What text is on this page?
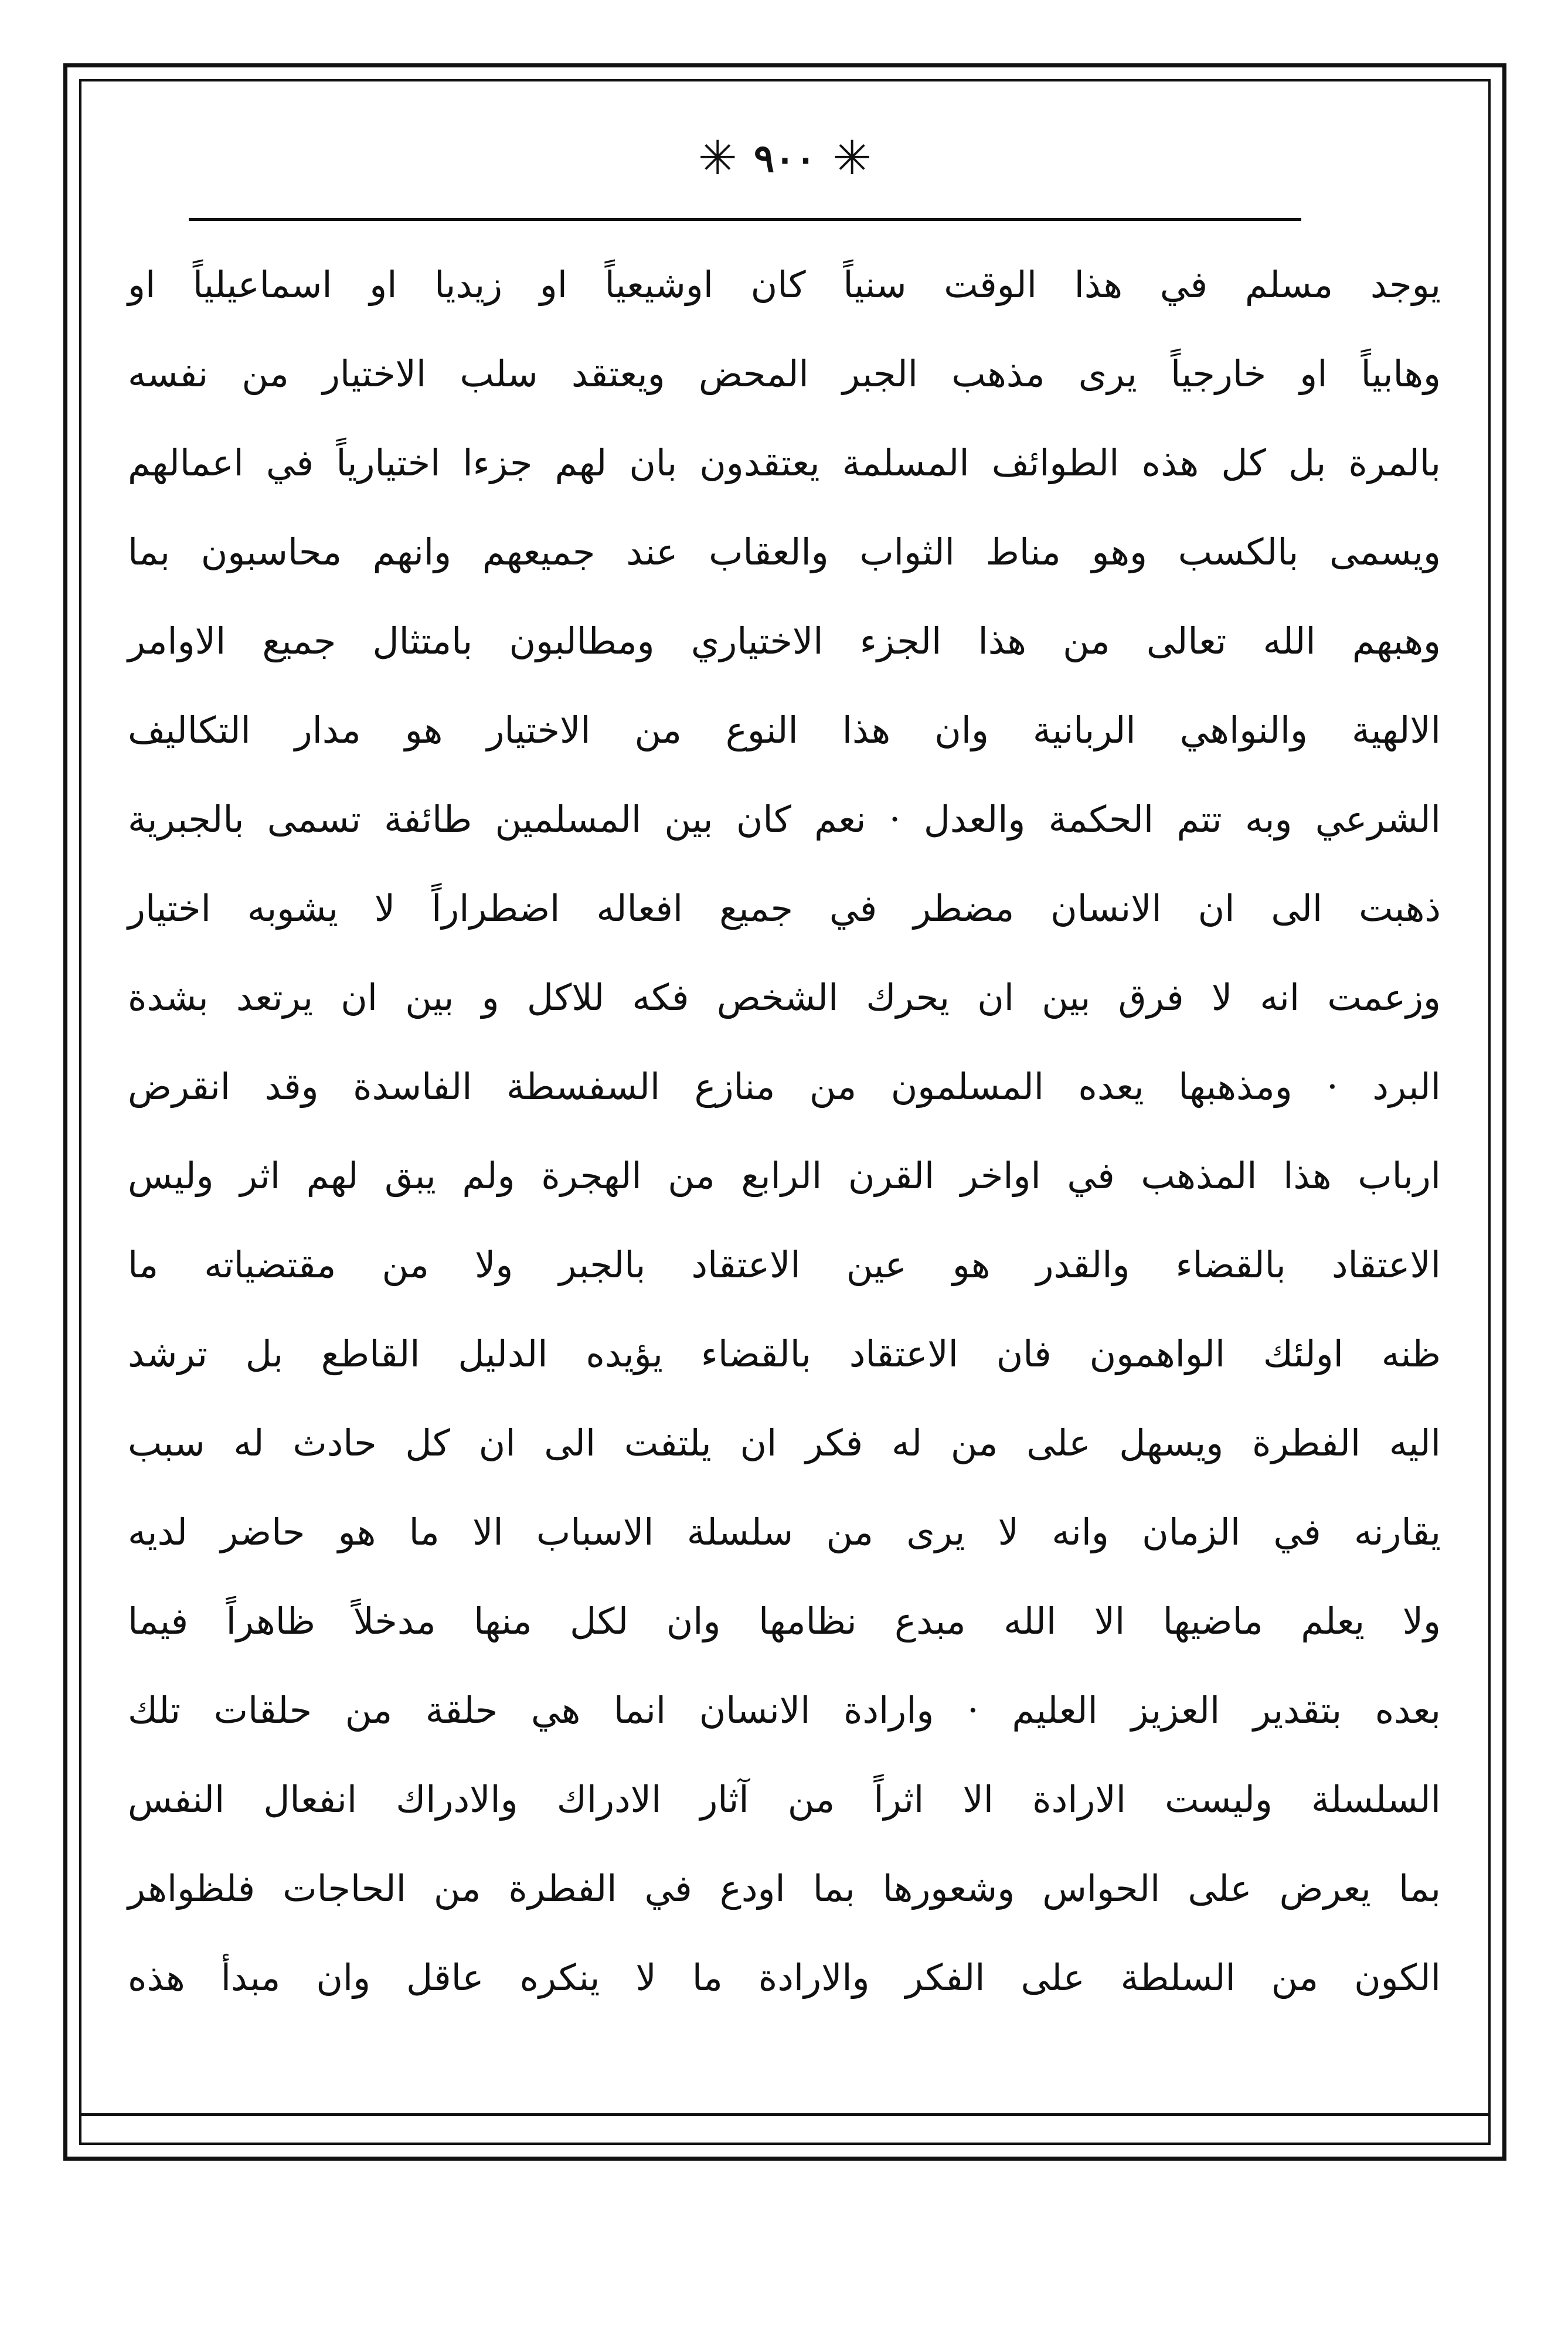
✳ ٩٠٠ ✳
يوجد مسلم في هذا الوقت سنياً كان اوشيعياً او زيديا او اسماعيلياً او
وهابياً او خارجياً يرى مذهب الجبر المحض ويعتقد سلب الاختيار من نفسه
بالمرة بل كل هذه الطوائف المسلمة يعتقدون بان لهم جزءا اختيارياً في اعمالهم
ويسمى بالكسب وهو مناط الثواب والعقاب عند جميعهم وانهم محاسبون بما
وهبهم الله تعالى من هذا الجزء الاختياري ومطالبون بامتثال جميع الاوامر
الالهية والنواهي الربانية وان هذا النوع من الاختيار هو مدار التكاليف
الشرعي وبه تتم الحكمة والعدل · نعم كان بين المسلمين طائفة تسمى بالجبرية
ذهبت الى ان الانسان مضطر في جميع افعاله اضطراراً لا يشوبه اختيار
وزعمت انه لا فرق بين ان يحرك الشخص فكه للاكل و بين ان يرتعد بشدة
البرد · ومذهبها يعده المسلمون من منازع السفسطة الفاسدة وقد انقرض
ارباب هذا المذهب في اواخر القرن الرابع من الهجرة ولم يبق لهم اثر وليس
الاعتقاد بالقضاء والقدر هو عين الاعتقاد بالجبر ولا من مقتضياته ما
ظنه اولئك الواهمون فان الاعتقاد بالقضاء يؤيده الدليل القاطع بل ترشد
اليه الفطرة ويسهل على من له فكر ان يلتفت الى ان كل حادث له سبب
يقارنه في الزمان وانه لا يرى من سلسلة الاسباب الا ما هو حاضر لديه
ولا يعلم ماضيها الا الله مبدع نظامها وان لكل منها مدخلاً ظاهراً فيما
بعده بتقدير العزيز العليم · وارادة الانسان انما هي حلقة من حلقات تلك
السلسلة وليست الارادة الا اثراً من آثار الادراك والادراك انفعال النفس
بما يعرض على الحواس وشعورها بما اودع في الفطرة من الحاجات فلظواهر
الكون من السلطة على الفكر والارادة ما لا ينكره عاقل وان مبدأ هذه
